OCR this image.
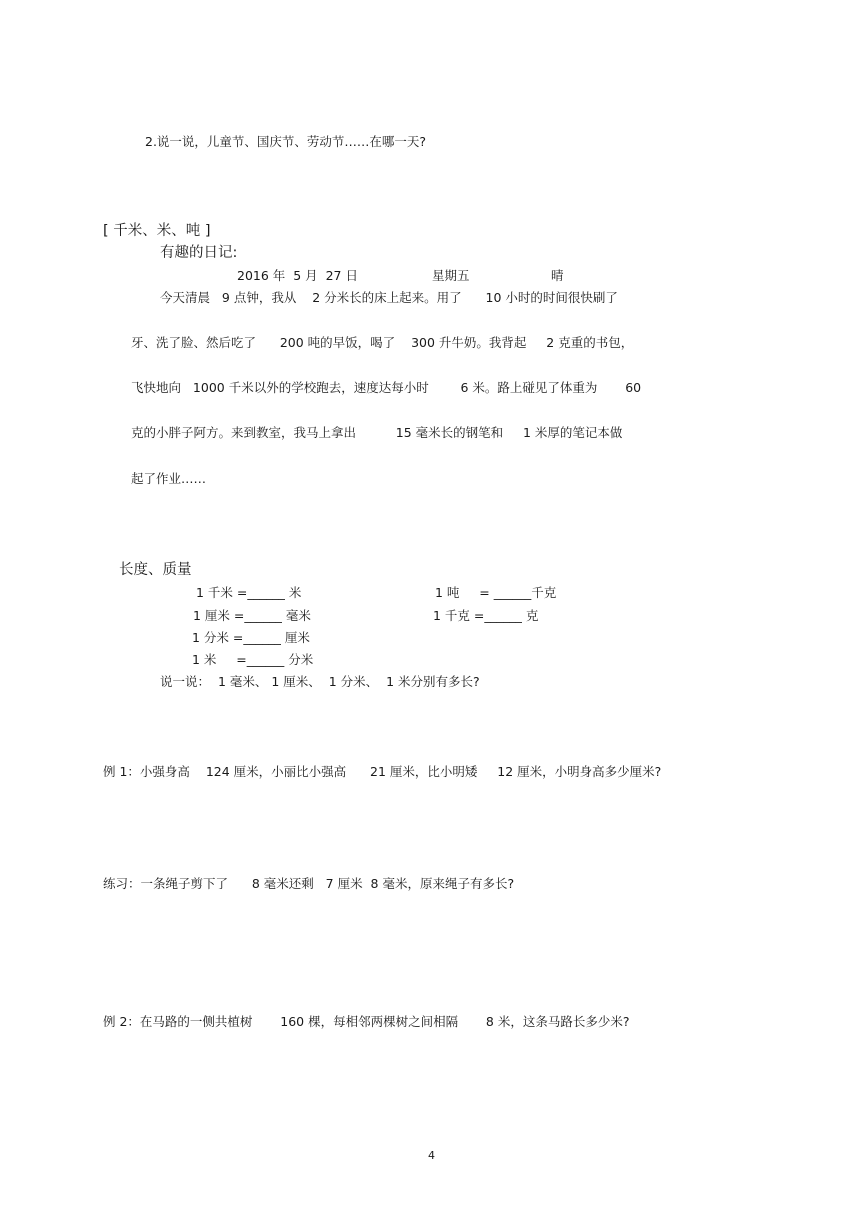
2.说一说，儿童节、国庆节、劳动节……在哪一天?
[ 千米、米、吨 ]
有趣的日记:
2016 年  5 月  27 日	星期五	晴
今天清晨   9 点钟，我从    2 分米长的床上起来。用了      10 小时的时间很快刷了
牙、洗了脸、然后吃了      200 吨的早饭，喝了    300 升牛奶。我背起     2 克重的书包，
飞快地向   1000 千米以外的学校跑去，速度达每小时        6 米。路上碰见了体重为       60
克的小胖子阿方。来到教室，我马上拿出          15 毫米长的钢笔和     1 米厚的笔记本做
起了作业……
长度、质量
1 千米 =______ 米
1 厘米 =______ 毫米
1 分米 =______ 厘米
1 米     =______ 分米
1 吨     = ______千克
1 千克 =______ 克
说一说：  1 毫米、 1 厘米、  1 分米、  1 米分别有多长?
例 1：小强身高    124 厘米，小丽比小强高      21 厘米，比小明矮     12 厘米，小明身高多少厘米?
练习：一条绳子剪下了      8 毫米还剩   7 厘米  8 毫米，原来绳子有多长?
例 2：在马路的一侧共植树       160 棵，每相邻两棵树之间相隔       8 米，这条马路长多少米?
4
